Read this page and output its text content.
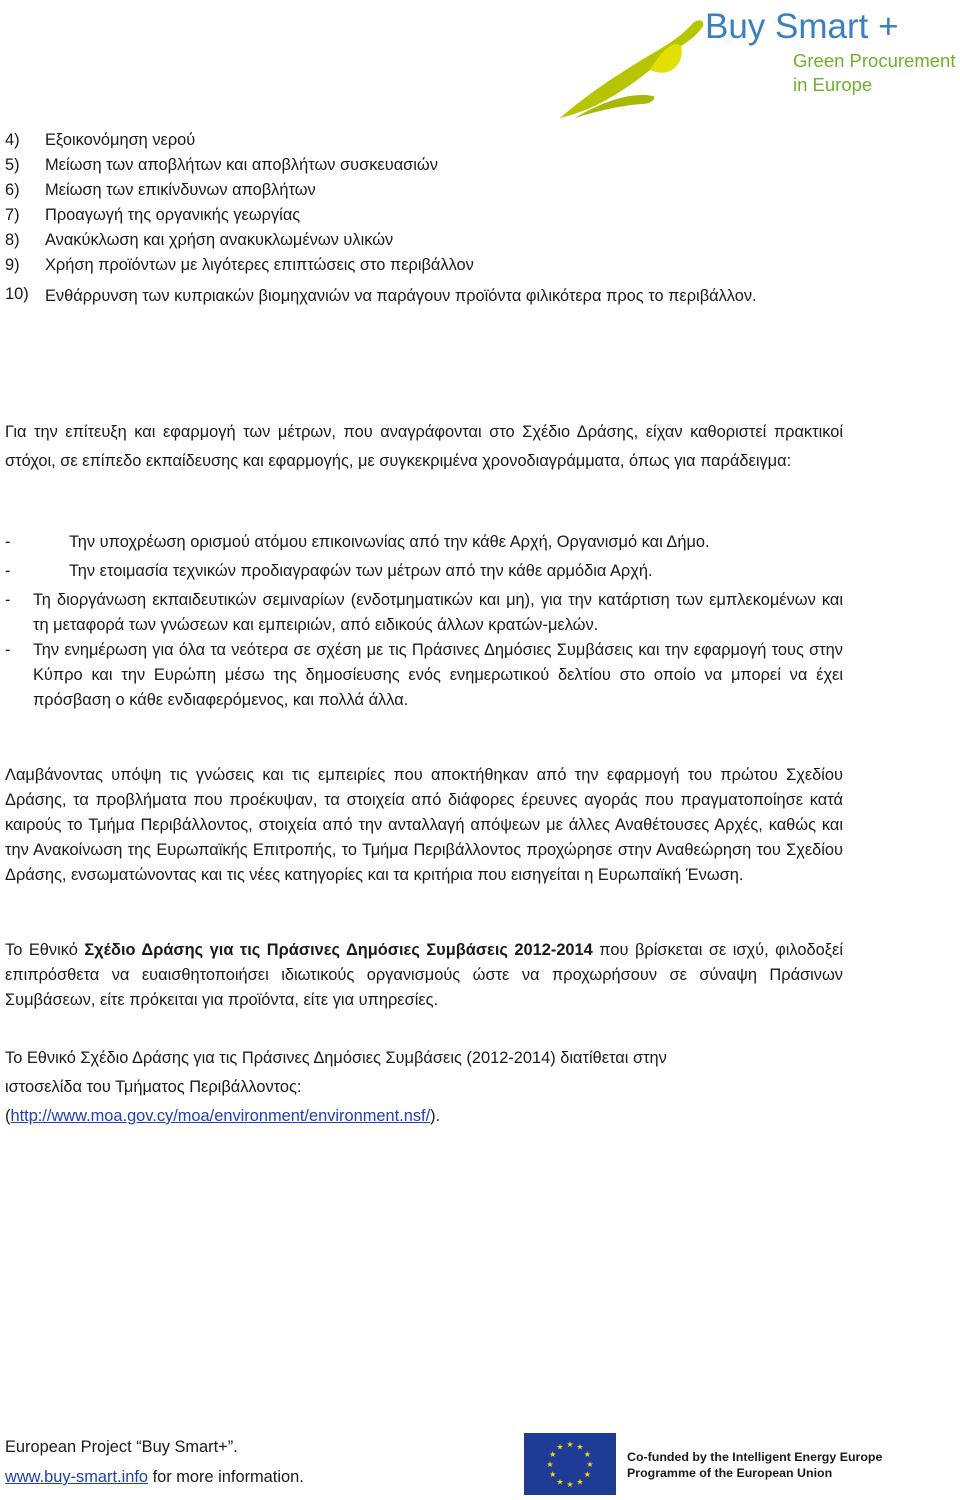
Buy Smart +
Green Procurement
in Europe
4) Εξοικονόμηση νερού
5) Μείωση των αποβλήτων και αποβλήτων συσκευασιών
6) Μείωση των επικίνδυνων αποβλήτων
7) Προαγωγή της οργανικής γεωργίας
8) Ανακύκλωση και χρήση ανακυκλωμένων υλικών
9) Χρήση προϊόντων με λιγότερες επιπτώσεις στο περιβάλλον
10) Ενθάρρυνση των κυπριακών βιομηχανιών να παράγουν προϊόντα φιλικότερα προς το περιβάλλον.

Για την επίτευξη και εφαρμογή των μέτρων, που αναγράφονται στο Σχέδιο Δράσης, είχαν καθοριστεί πρακτικοί στόχοι, σε επίπεδο εκπαίδευσης και εφαρμογής, με συγκεκριμένα χρονοδιαγράμματα, όπως για παράδειγμα:

-	Την υποχρέωση ορισμού ατόμου επικοινωνίας από την κάθε Αρχή, Οργανισμό και Δήμο.
-	Την ετοιμασία τεχνικών προδιαγραφών των μέτρων από την κάθε αρμόδια Αρχή.
- Τη διοργάνωση εκπαιδευτικών σεμιναρίων (ενδοτμηματικών και μη), για την κατάρτιση των εμπλεκομένων και τη μεταφορά των γνώσεων και εμπειριών, από ειδικούς άλλων κρατών-μελών.
- Την ενημέρωση για όλα τα νεότερα σε σχέση με τις Πράσινες Δημόσιες Συμβάσεις και την εφαρμογή τους στην Κύπρο και την Ευρώπη μέσω της δημοσίευσης ενός ενημερωτικού δελτίου στο οποίο να μπορεί να έχει πρόσβαση ο κάθε ενδιαφερόμενος, και πολλά άλλα.

Λαμβάνοντας υπόψη τις γνώσεις και τις εμπειρίες που αποκτήθηκαν από την εφαρμογή του πρώτου Σχεδίου Δράσης, τα προβλήματα που προέκυψαν, τα στοιχεία από διάφορες έρευνες αγοράς που πραγματοποίησε κατά καιρούς το Τμήμα Περιβάλλοντος, στοιχεία από την ανταλλαγή απόψεων με άλλες Αναθέτουσες Αρχές, καθώς και την Ανακοίνωση της Ευρωπαϊκής Επιτροπής, το Τμήμα Περιβάλλοντος προχώρησε στην Αναθεώρηση του Σχεδίου Δράσης, ενσωματώνοντας και τις νέες κατηγορίες και τα κριτήρια που εισηγείται η Ευρωπαϊκή Ένωση.

Το Εθνικό Σχέδιο Δράσης για τις Πράσινες Δημόσιες Συμβάσεις 2012-2014 που βρίσκεται σε ισχύ, φιλοδοξεί επιπρόσθετα να ευαισθητοποιήσει ιδιωτικούς οργανισμούς ώστε να προχωρήσουν σε σύναψη Πράσινων Συμβάσεων, είτε πρόκειται για προϊόντα, είτε για υπηρεσίες.

Το Εθνικό Σχέδιο Δράσης για τις Πράσινες Δημόσιες Συμβάσεις (2012-2014) διατίθεται στην
ιστοσελίδα του Τμήματος Περιβάλλοντος:
(http://www.moa.gov.cy/moa/environment/environment.nsf/).
European Project “Buy Smart+”.
www.buy-smart.info for more information.
★ ★
★
★
★
★
★
★
★
★
★
★
Co-funded by the Intelligent Energy Europe
Programme of the European Union
